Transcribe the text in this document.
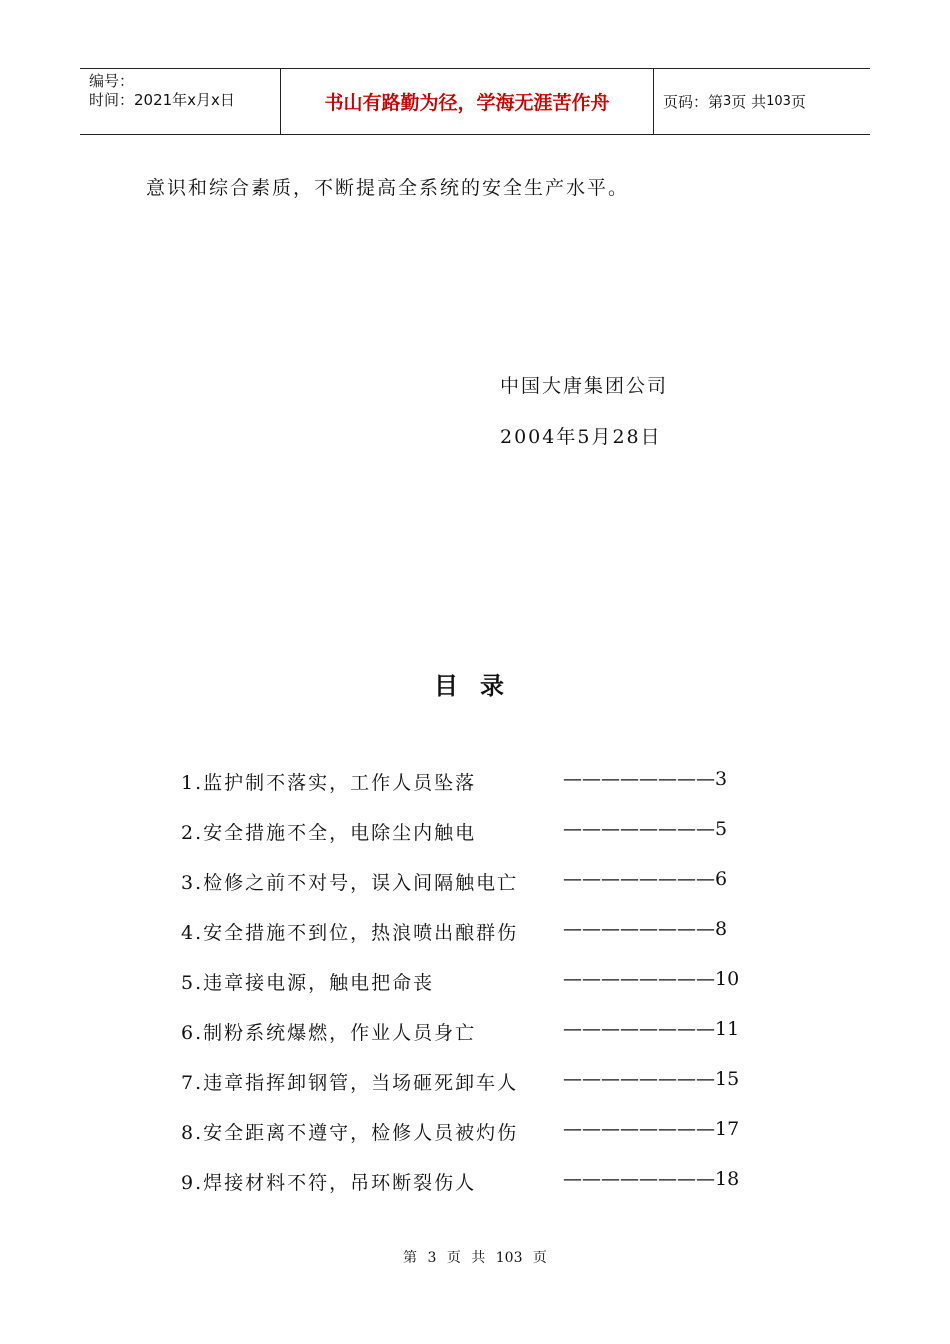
编号：
时间：2021年x月x日	书山有路勤为径，学海无涯苦作舟	页码：第 3 页 共 103 页
意识和综合素质，不断提高全系统的安全生产水平。
中国大唐集团公司
2004年5月28日
目录
1.监护制不落实，工作人员坠落	————————3
2.安全措施不全，电除尘内触电	————————5
3.检修之前不对号，误入间隔触电亡 ————————6
4.安全措施不到位，热浪喷出酿群伤 ————————8
5.违章接电源，触电把命丧	————————10
6.制粉系统爆燃，作业人员身亡	————————11
7.违章指挥卸钢管，当场砸死卸车人 ————————15
8.安全距离不遵守，检修人员被灼伤 ————————17
9.焊接材料不符，吊环断裂伤人	————————18
第 3 页 共 103 页
